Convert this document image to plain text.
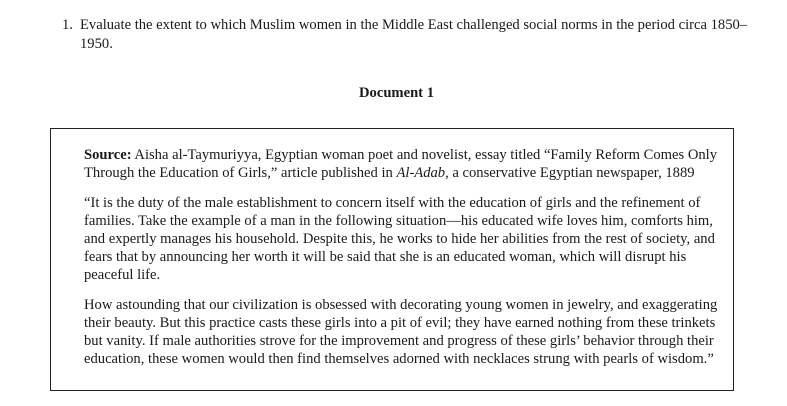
1. Evaluate the extent to which Muslim women in the Middle East challenged social norms in the period circa 1850–1950.
Document 1

Source: Aisha al-Taymuriyya, Egyptian woman poet and novelist, essay titled “Family Reform Comes Only Through the Education of Girls,” article published in Al-Adab, a conservative Egyptian newspaper, 1889

“It is the duty of the male establishment to concern itself with the education of girls and the refinement of families. Take the example of a man in the following situation—his educated wife loves him, comforts him, and expertly manages his household. Despite this, he works to hide her abilities from the rest of society, and fears that by announcing her worth it will be said that she is an educated woman, which will disrupt his peaceful life.

How astounding that our civilization is obsessed with decorating young women in jewelry, and exaggerating their beauty. But this practice casts these girls into a pit of evil; they have earned nothing from these trinkets but vanity. If male authorities strove for the improvement and progress of these girls’ behavior through their education, these women would then find themselves adorned with necklaces strung with pearls of wisdom.”
